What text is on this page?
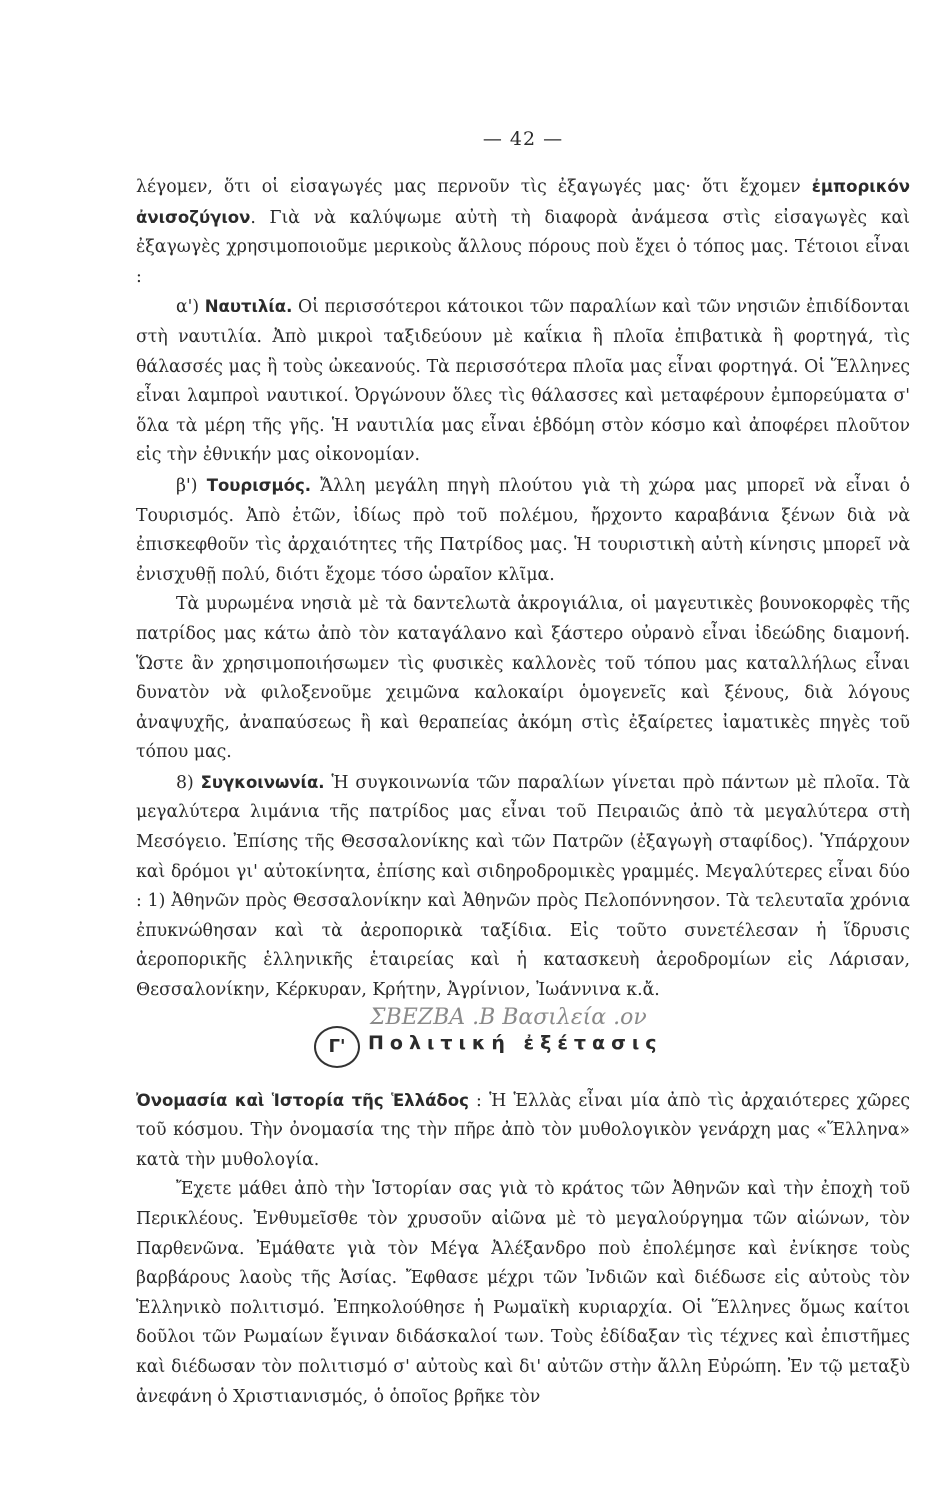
— 42 —

λέγομεν, ὅτι οἱ εἰσαγωγές μας περνοῦν τὶς ἐξαγωγές μας· ὅτι ἔχομεν ἐμπορικόν ἀνισοζύγιον. Γιὰ νὰ καλύψωμε αὐτὴ τὴ διαφορὰ ἀνάμεσα στὶς εἰσαγωγὲς καὶ ἐξαγωγὲς χρησιμοποιοῦμε μερικοὺς ἄλλους πόρους ποὺ ἔχει ὁ τόπος μας. Τέτοιοι εἶναι :

α') Ναυτιλία. Οἱ περισσότεροι κάτοικοι τῶν παραλίων καὶ τῶν νησιῶν ἐπιδίδονται στὴ ναυτιλία. Ἀπὸ μικροὶ ταξιδεύουν μὲ καΐκια ἢ πλοῖα ἐπιβατικὰ ἢ φορτηγά, τὶς θάλασσές μας ἢ τοὺς ὠκεανούς. Τὰ περισσότερα πλοῖα μας εἶναι φορτηγά. Οἱ Ἕλληνες εἶναι λαμπροὶ ναυτικοί. Ὀργώνουν ὅλες τὶς θάλασσες καὶ μεταφέρουν ἐμπορεύματα σ' ὅλα τὰ μέρη τῆς γῆς. Ἡ ναυτιλία μας εἶναι ἑβδόμη στὸν κόσμο καὶ ἀποφέρει πλοῦτον εἰς τὴν ἐθνικήν μας οἰκονομίαν.

β') Τουρισμός. Ἄλλη μεγάλη πηγὴ πλούτου γιὰ τὴ χώρα μας μπορεῖ νὰ εἶναι ὁ Τουρισμός. Ἀπὸ ἐτῶν, ἰδίως πρὸ τοῦ πολέμου, ἤρχοντο καραβάνια ξένων διὰ νὰ ἐπισκεφθοῦν τὶς ἀρχαιότητες τῆς Πατρίδος μας. Ἡ τουριστικὴ αὐτὴ κίνησις μπορεῖ νὰ ἐνισχυθῇ πολύ, διότι ἔχομε τόσο ὡραῖον κλῖμα.

Τὰ μυρωμένα νησιὰ μὲ τὰ δαντελωτὰ ἀκρογιάλια, οἱ μαγευτικὲς βουνοκορφὲς τῆς πατρίδος μας κάτω ἀπὸ τὸν καταγάλανο καὶ ξάστερο οὐρανὸ εἶναι ἰδεώδης διαμονή. Ὥστε ἂν χρησιμοποιήσωμεν τὶς φυσικὲς καλλονὲς τοῦ τόπου μας καταλλήλως εἶναι δυνατὸν νὰ φιλοξενοῦμε χειμῶνα καλοκαίρι ὁμογενεῖς καὶ ξένους, διὰ λόγους ἀναψυχῆς, ἀναπαύσεως ἢ καὶ θεραπείας ἀκόμη στὶς ἐξαίρετες ἰαματικὲς πηγὲς τοῦ τόπου μας.

8) Συγκοινωνία. Ἡ συγκοινωνία τῶν παραλίων γίνεται πρὸ πάντων μὲ πλοῖα. Τὰ μεγαλύτερα λιμάνια τῆς πατρίδος μας εἶναι τοῦ Πειραιῶς ἀπὸ τὰ μεγαλύτερα στὴ Μεσόγειο. Ἐπίσης τῆς Θεσσαλονίκης καὶ τῶν Πατρῶν (ἐξαγωγὴ σταφίδος). Ὑπάρχουν καὶ δρόμοι γι' αὐτοκίνητα, ἐπίσης καὶ σιδηροδρομικὲς γραμμές. Μεγαλύτερες εἶναι δύο : 1) Ἀθηνῶν πρὸς Θεσσαλονίκην καὶ Ἀθηνῶν πρὸς Πελοπόννησον. Τὰ τελευταῖα χρόνια ἐπυκνώθησαν καὶ τὰ ἀεροπορικὰ ταξίδια. Εἰς τοῦτο συνετέλεσαν ἡ ἵδρυσις ἀεροπορικῆς ἑλληνικῆς ἑταιρείας καὶ ἡ κατασκευὴ ἀεροδρομίων εἰς Λάρισαν, Θεσσαλονίκην, Κέρκυραν, Κρήτην, Ἀγρίνιον, Ἰωάννινα κ.ἄ.

ΣΒΕΖΒΑ .Β Βασιλεία .ον
Γ'	Πολιτική ἐξέτασις

Ὀνομασία καὶ Ἱστορία τῆς Ἑλλάδος : Ἡ Ἑλλὰς εἶναι μία ἀπὸ τὶς ἀρχαιότερες χῶρες τοῦ κόσμου. Τὴν ὀνομασία της τὴν πῆρε ἀπὸ τὸν μυθολογικὸν γενάρχη μας «Ἕλληνα» κατὰ τὴν μυθολογία.

Ἔχετε μάθει ἀπὸ τὴν Ἱστορίαν σας γιὰ τὸ κράτος τῶν Ἀθηνῶν καὶ τὴν ἐποχὴ τοῦ Περικλέους. Ἐνθυμεῖσθε τὸν χρυσοῦν αἰῶνα μὲ τὸ μεγαλούργημα τῶν αἰώνων, τὸν Παρθενῶνα. Ἐμάθατε γιὰ τὸν Μέγα Ἀλέξανδρο ποὺ ἐπολέμησε καὶ ἐνίκησε τοὺς βαρβάρους λαοὺς τῆς Ἀσίας. Ἔφθασε μέχρι τῶν Ἰνδιῶν καὶ διέδωσε εἰς αὐτοὺς τὸν Ἑλληνικὸ πολιτισμό. Ἐπηκολούθησε ἡ Ρωμαϊκὴ κυριαρχία. Οἱ Ἕλληνες ὅμως καίτοι δοῦλοι τῶν Ρωμαίων ἔγιναν διδάσκαλοί των. Τοὺς ἐδίδαξαν τὶς τέχνες καὶ ἐπιστῆμες καὶ διέδωσαν τὸν πολιτισμό σ' αὐτοὺς καὶ δι' αὐτῶν στὴν ἄλλη Εὐρώπη. Ἐν τῷ μεταξὺ ἀνεφάνη ὁ Χριστιανισμός, ὁ ὁποῖος βρῆκε τὸν
